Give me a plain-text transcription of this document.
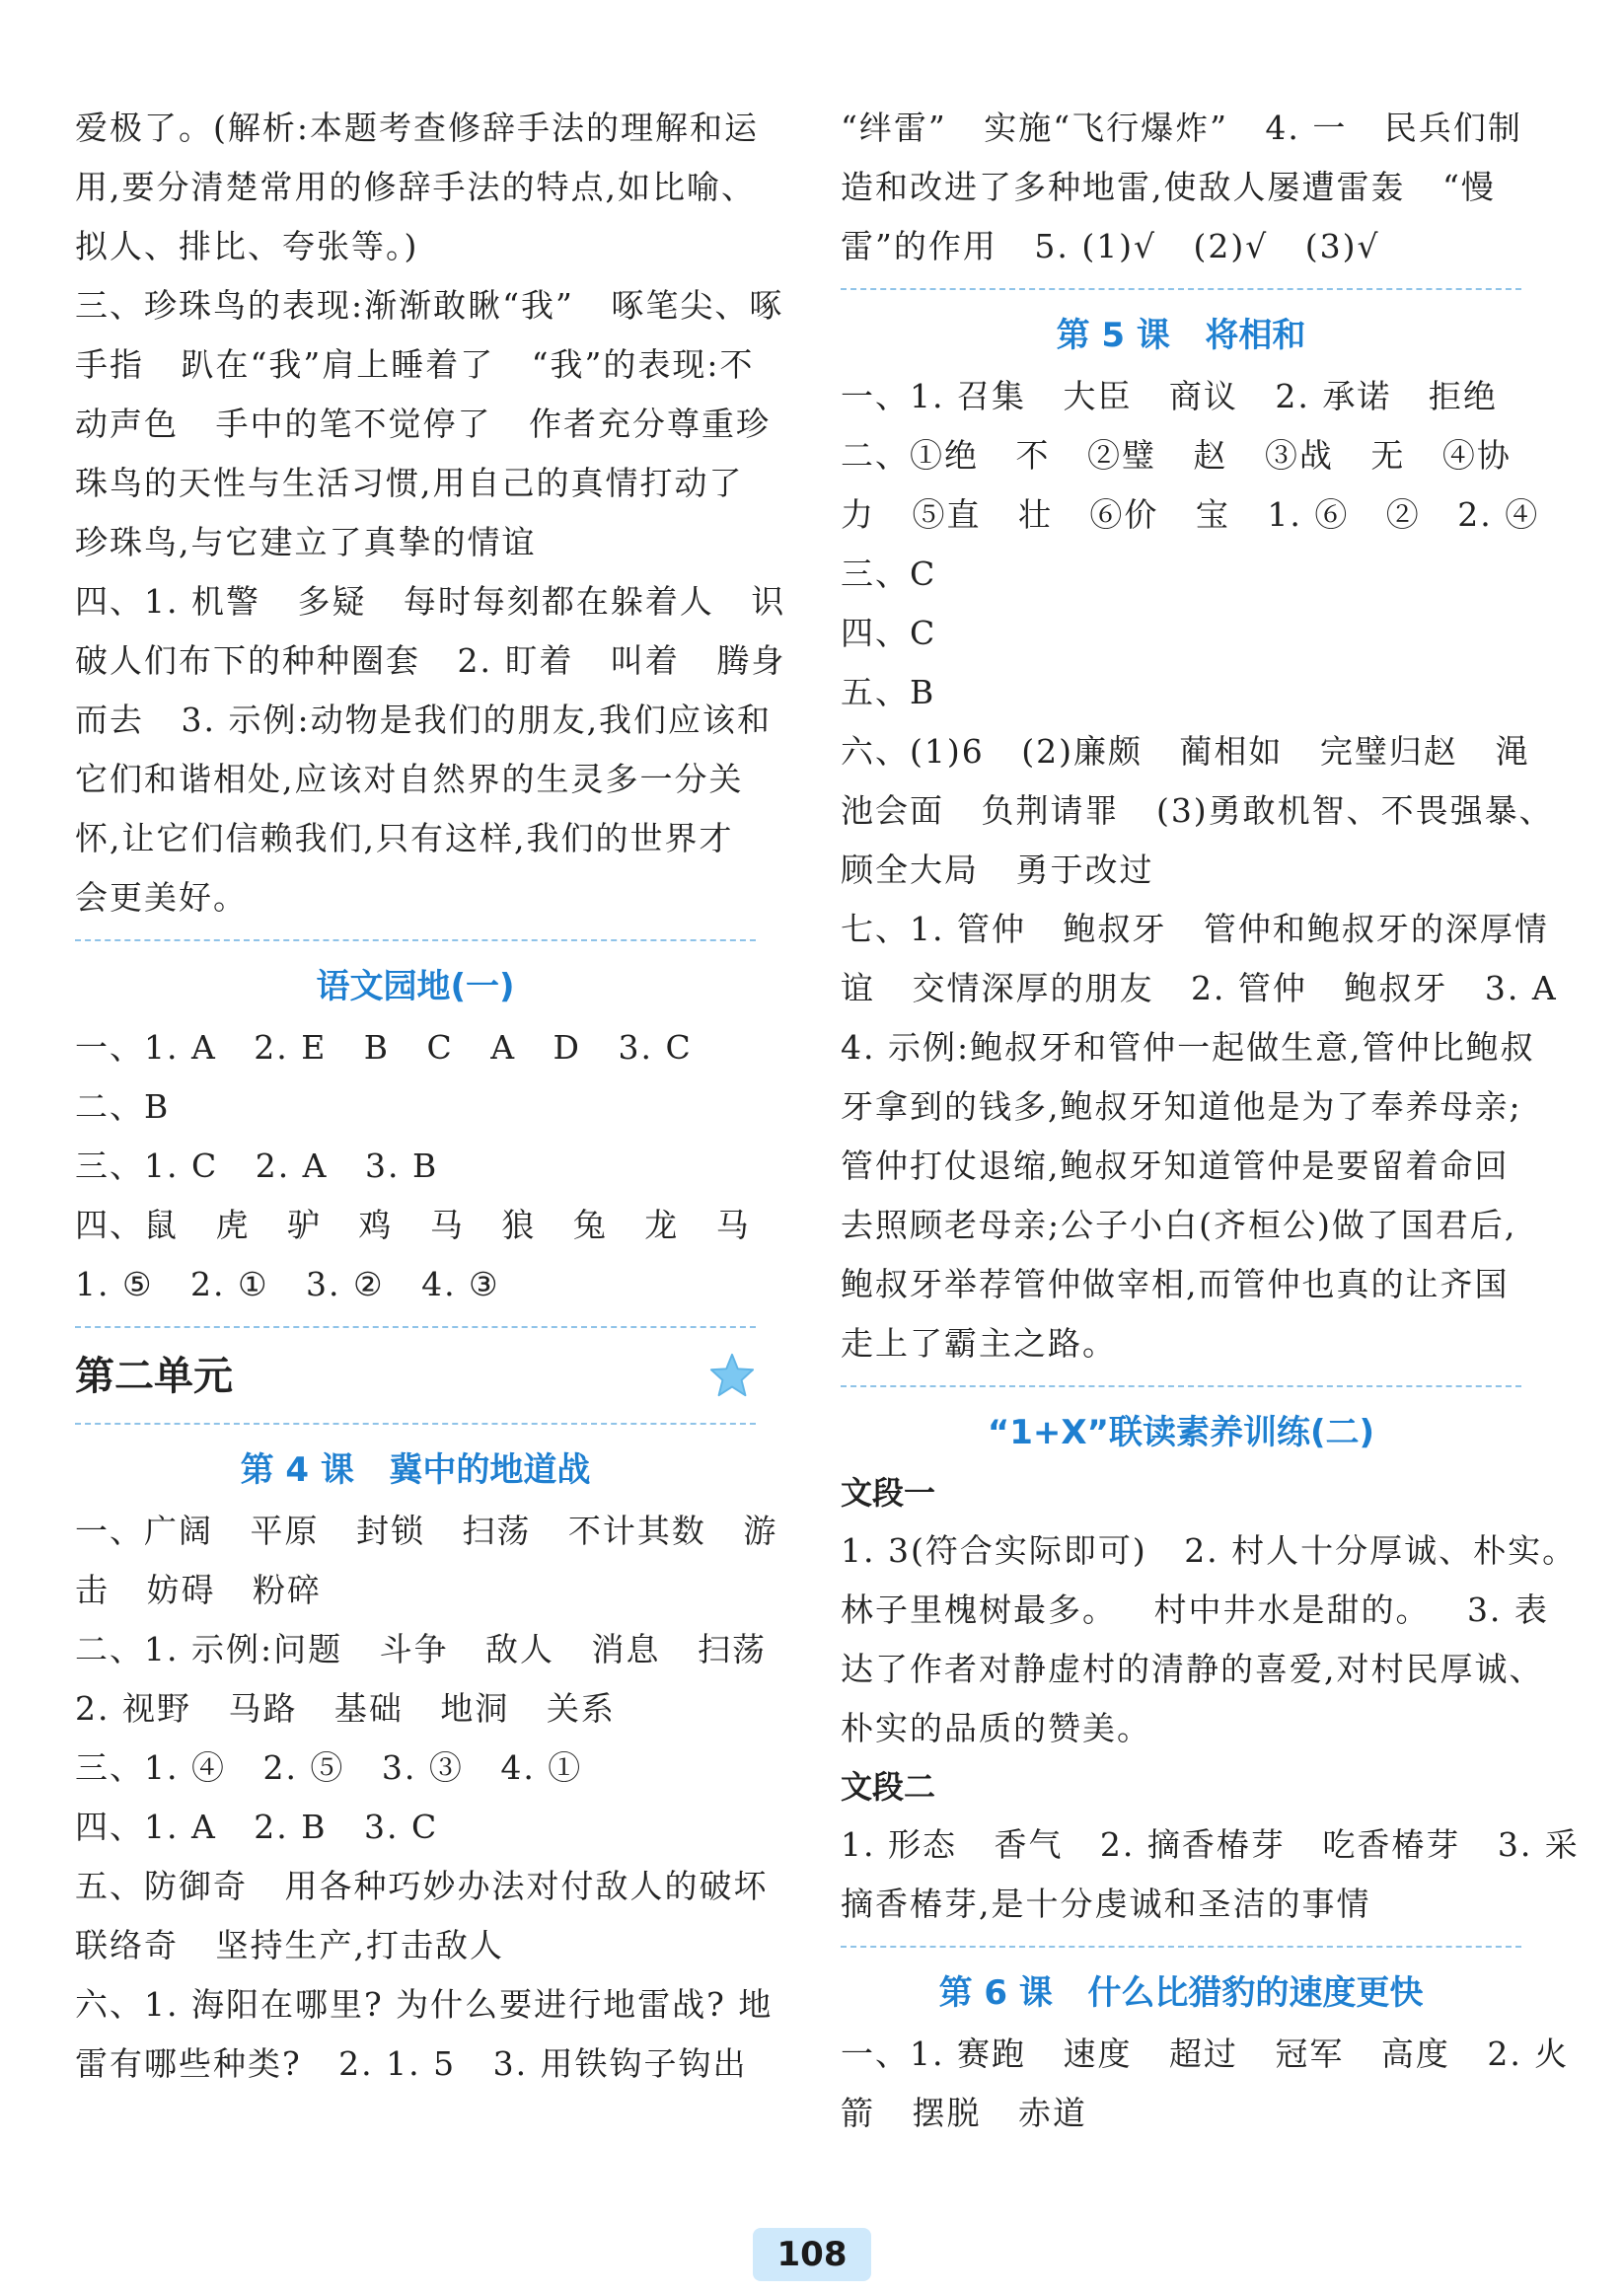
爱极了。(解析:本题考查修辞手法的理解和运
用,要分清楚常用的修辞手法的特点,如比喻、
拟人、排比、夸张等。)
三、珍珠鸟的表现:渐渐敢瞅“我”   啄笔尖、啄
手指   趴在“我”肩上睡着了   “我”的表现:不
动声色   手中的笔不觉停了   作者充分尊重珍
珠鸟的天性与生活习惯,用自己的真情打动了
珍珠鸟,与它建立了真挚的情谊
四、1. 机警   多疑   每时每刻都在躲着人   识
破人们布下的种种圈套   2. 盯着   叫着   腾身
而去   3. 示例:动物是我们的朋友,我们应该和
它们和谐相处,应该对自然界的生灵多一分关
怀,让它们信赖我们,只有这样,我们的世界才
会更美好。
语文园地(一)
一、1. A   2. E   B   C   A   D   3. C
二、B
三、1. C   2. A   3. B
四、鼠   虎   驴   鸡   马   狼   兔   龙   马
1. ⑤   2. ①   3. ②   4. ③
第二单元
第 4 课   冀中的地道战
一、广阔   平原   封锁   扫荡   不计其数   游
击   妨碍   粉碎
二、1. 示例:问题   斗争   敌人   消息   扫荡
2. 视野   马路   基础   地洞   关系
三、1. ④   2. ⑤   3. ③   4. ①
四、1. A   2. B   3. C
五、防御奇   用各种巧妙办法对付敌人的破坏
联络奇   坚持生产,打击敌人
六、1. 海阳在哪里? 为什么要进行地雷战? 地
雷有哪些种类?   2. 1. 5   3. 用铁钩子钩出
“绊雷”   实施“飞行爆炸”   4. 一   民兵们制
造和改进了多种地雷,使敌人屡遭雷轰   “慢
雷”的作用   5. (1)√   (2)√   (3)√
第 5 课   将相和
一、1. 召集   大臣   商议   2. 承诺   拒绝
二、①绝   不   ②璧   赵   ③战   无   ④协
力   ⑤直   壮   ⑥价   宝   1. ⑥   ②   2. ④
三、C
四、C
五、B
六、(1)6   (2)廉颇   蔺相如   完璧归赵   渑
池会面   负荆请罪   (3)勇敢机智、不畏强暴、
顾全大局   勇于改过
七、1. 管仲   鲍叔牙   管仲和鲍叔牙的深厚情
谊   交情深厚的朋友   2. 管仲   鲍叔牙   3. A
4. 示例:鲍叔牙和管仲一起做生意,管仲比鲍叔
牙拿到的钱多,鲍叔牙知道他是为了奉养母亲;
管仲打仗退缩,鲍叔牙知道管仲是要留着命回
去照顾老母亲;公子小白(齐桓公)做了国君后,
鲍叔牙举荐管仲做宰相,而管仲也真的让齐国
走上了霸主之路。
“1+X”联读素养训练(二)
文段一
1. 3(符合实际即可)   2. 村人十分厚诚、朴实。
林子里槐树最多。   村中井水是甜的。   3. 表
达了作者对静虚村的清静的喜爱,对村民厚诚、
朴实的品质的赞美。
文段二
1. 形态   香气   2. 摘香椿芽   吃香椿芽   3. 采
摘香椿芽,是十分虔诚和圣洁的事情
第 6 课   什么比猎豹的速度更快
一、1. 赛跑   速度   超过   冠军   高度   2. 火
箭   摆脱   赤道
108
